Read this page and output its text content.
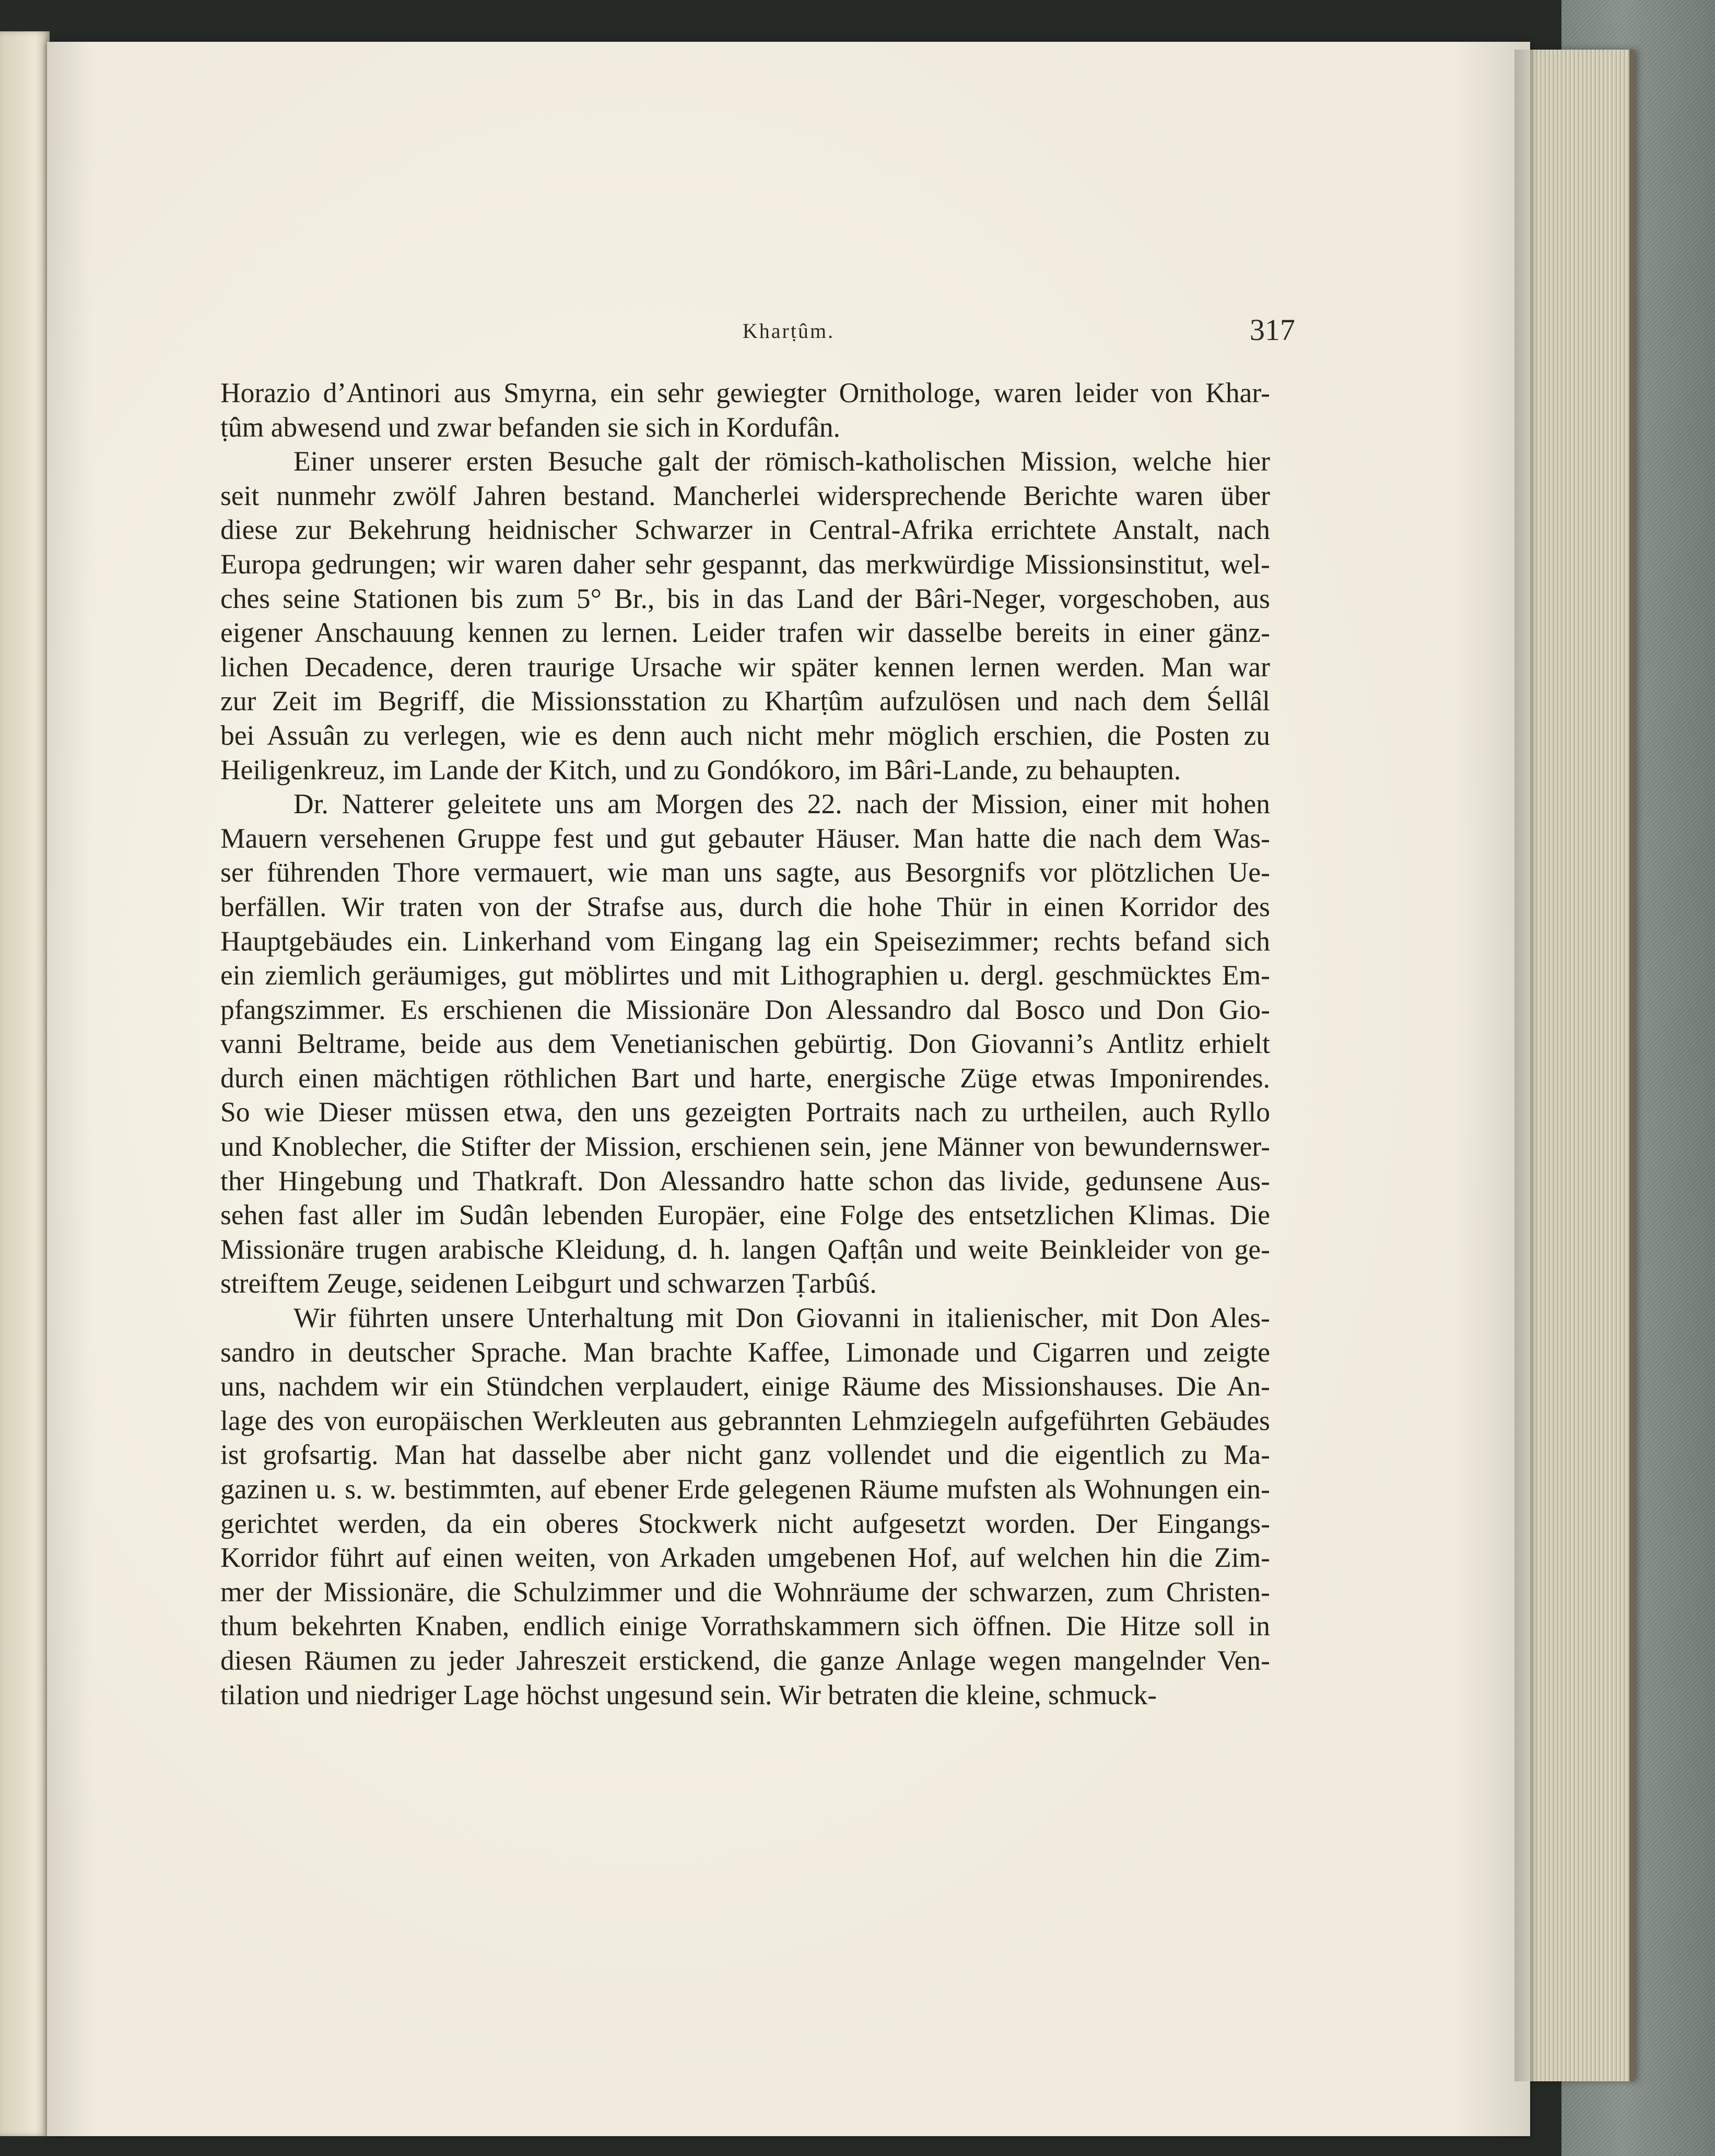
Kharṭûm.	317
Horazio d’Antinori aus Smyrna, ein sehr gewiegter Ornithologe, waren leider von Khar-
ṭûm abwesend und zwar befanden sie sich in Kordufân.
Einer unserer ersten Besuche galt der römisch-katholischen Mission, welche hier
seit nunmehr zwölf Jahren bestand. Mancherlei widersprechende Berichte waren über
diese zur Bekehrung heidnischer Schwarzer in Central-Afrika errichtete Anstalt, nach
Europa gedrungen; wir waren daher sehr gespannt, das merkwürdige Missionsinstitut, wel-
ches seine Stationen bis zum 5° Br., bis in das Land der Bâri-Neger, vorgeschoben, aus
eigener Anschauung kennen zu lernen. Leider trafen wir dasselbe bereits in einer gänz-
lichen Decadence, deren traurige Ursache wir später kennen lernen werden. Man war
zur Zeit im Begriff, die Missionsstation zu Kharṭûm aufzulösen und nach dem Śellâl
bei Assuân zu verlegen, wie es denn auch nicht mehr möglich erschien, die Posten zu
Heiligenkreuz, im Lande der Kitch, und zu Gondókoro, im Bâri-Lande, zu behaupten.
Dr. Natterer geleitete uns am Morgen des 22. nach der Mission, einer mit hohen
Mauern versehenen Gruppe fest und gut gebauter Häuser. Man hatte die nach dem Was-
ser führenden Thore vermauert, wie man uns sagte, aus Besorgnifs vor plötzlichen Ue-
berfällen. Wir traten von der Strafse aus, durch die hohe Thür in einen Korridor des
Hauptgebäudes ein. Linkerhand vom Eingang lag ein Speisezimmer; rechts befand sich
ein ziemlich geräumiges, gut möblirtes und mit Lithographien u. dergl. geschmücktes Em-
pfangszimmer. Es erschienen die Missionäre Don Alessandro dal Bosco und Don Gio-
vanni Beltrame, beide aus dem Venetianischen gebürtig. Don Giovanni’s Antlitz erhielt
durch einen mächtigen röthlichen Bart und harte, energische Züge etwas Imponirendes.
So wie Dieser müssen etwa, den uns gezeigten Portraits nach zu urtheilen, auch Ryllo
und Knoblecher, die Stifter der Mission, erschienen sein, jene Männer von bewundernswer-
ther Hingebung und Thatkraft. Don Alessandro hatte schon das livide, gedunsene Aus-
sehen fast aller im Sudân lebenden Europäer, eine Folge des entsetzlichen Klimas. Die
Missionäre trugen arabische Kleidung, d. h. langen Qafṭân und weite Beinkleider von ge-
streiftem Zeuge, seidenen Leibgurt und schwarzen Ṭarbûś.
Wir führten unsere Unterhaltung mit Don Giovanni in italienischer, mit Don Ales-
sandro in deutscher Sprache. Man brachte Kaffee, Limonade und Cigarren und zeigte
uns, nachdem wir ein Stündchen verplaudert, einige Räume des Missionshauses. Die An-
lage des von europäischen Werkleuten aus gebrannten Lehmziegeln aufgeführten Gebäudes
ist grofsartig. Man hat dasselbe aber nicht ganz vollendet und die eigentlich zu Ma-
gazinen u. s. w. bestimmten, auf ebener Erde gelegenen Räume mufsten als Wohnungen ein-
gerichtet werden, da ein oberes Stockwerk nicht aufgesetzt worden. Der Eingangs-
Korridor führt auf einen weiten, von Arkaden umgebenen Hof, auf welchen hin die Zim-
mer der Missionäre, die Schulzimmer und die Wohnräume der schwarzen, zum Christen-
thum bekehrten Knaben, endlich einige Vorrathskammern sich öffnen. Die Hitze soll in
diesen Räumen zu jeder Jahreszeit erstickend, die ganze Anlage wegen mangelnder Ven-
tilation und niedriger Lage höchst ungesund sein. Wir betraten die kleine, schmuck-
